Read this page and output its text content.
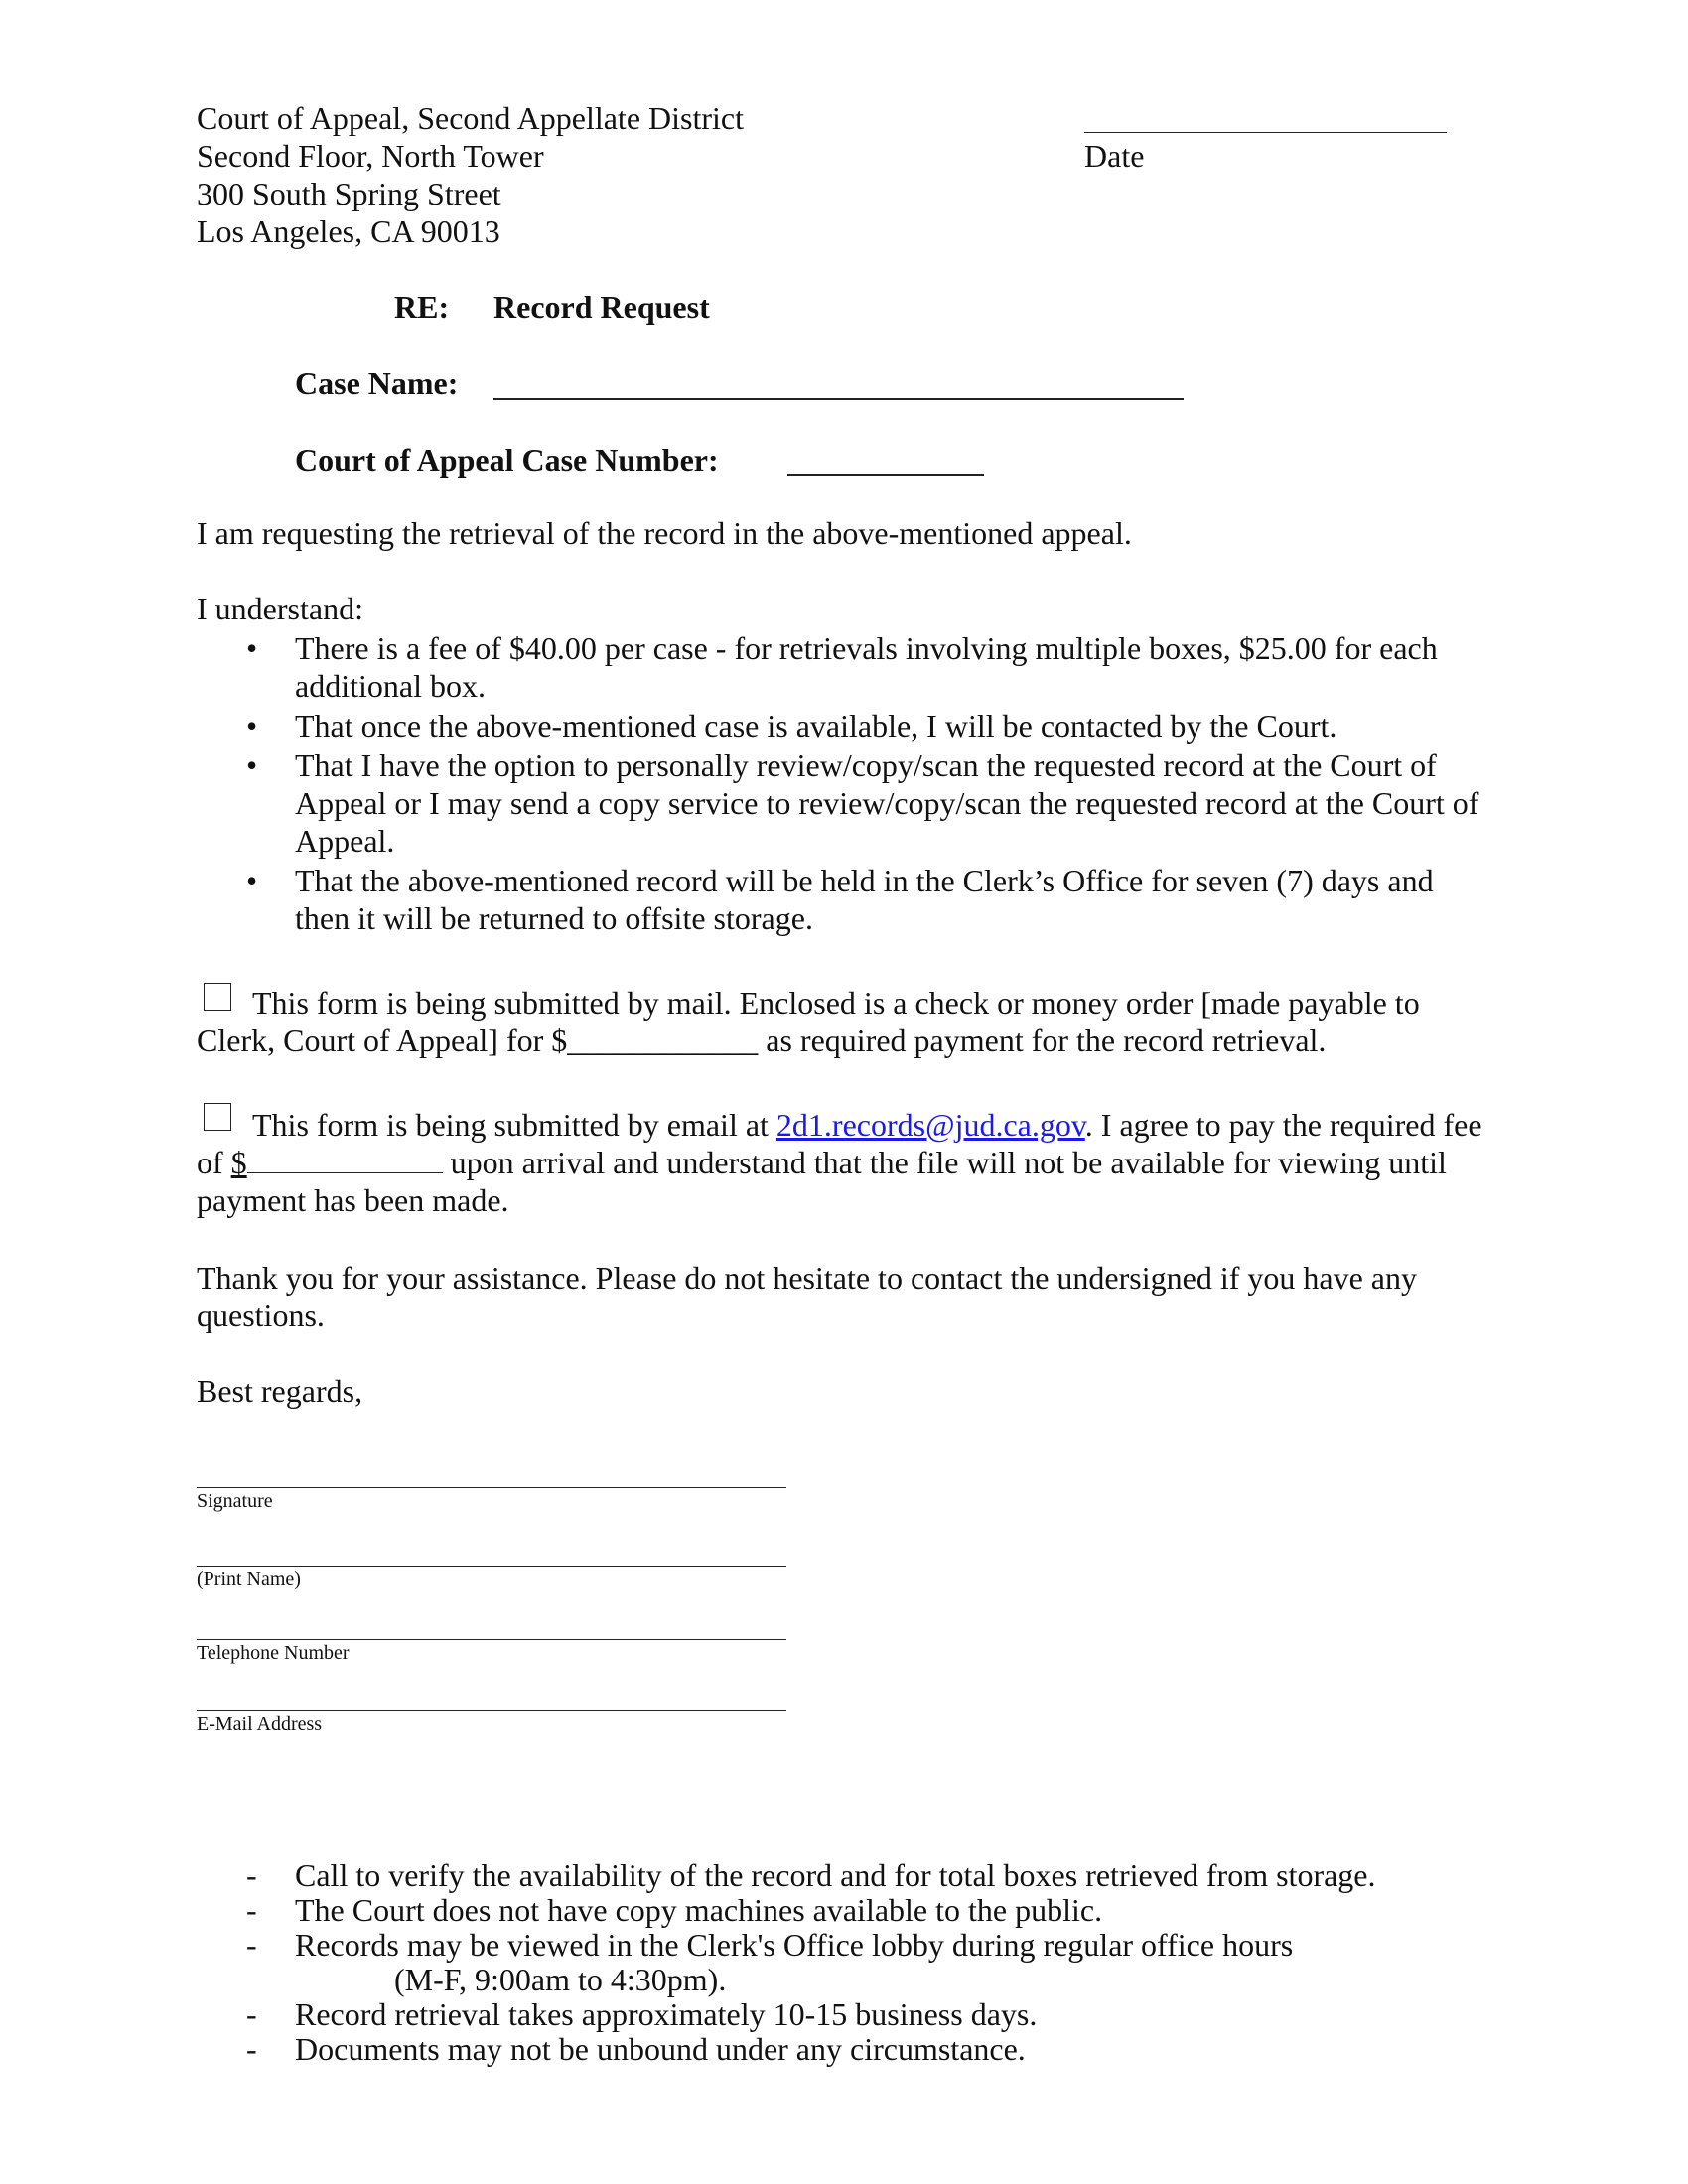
Court of Appeal, Second Appellate District
Second Floor, North Tower
300 South Spring Street
Los Angeles, CA 90013
Date
RE: Record Request
Case Name:
Court of Appeal Case Number:
I am requesting the retrieval of the record in the above-mentioned appeal.
I understand:
• There is a fee of $40.00 per case - for retrievals involving multiple boxes, $25.00 for each additional box.
• That once the above-mentioned case is available, I will be contacted by the Court.
• That I have the option to personally review/copy/scan the requested record at the Court of Appeal or I may send a copy service to review/copy/scan the requested record at the Court of Appeal.
• That the above-mentioned record will be held in the Clerk’s Office for seven (7) days and then it will be returned to offsite storage.
This form is being submitted by mail. Enclosed is a check or money order [made payable to Clerk, Court of Appeal] for $____________ as required payment for the record retrieval.
This form is being submitted by email at 2d1.records@jud.ca.gov. I agree to pay the required fee of $	upon arrival and understand that the file will not be available for viewing until payment has been made.
Thank you for your assistance. Please do not hesitate to contact the undersigned if you have any questions.
Best regards,
Signature
(Print Name)
Telephone Number
E-Mail Address
- Call to verify the availability of the record and for total boxes retrieved from storage.
- The Court does not have copy machines available to the public.
- Records may be viewed in the Clerk's Office lobby during regular office hours
(M-F, 9:00am to 4:30pm).
- Record retrieval takes approximately 10-15 business days.
- Documents may not be unbound under any circumstance.
